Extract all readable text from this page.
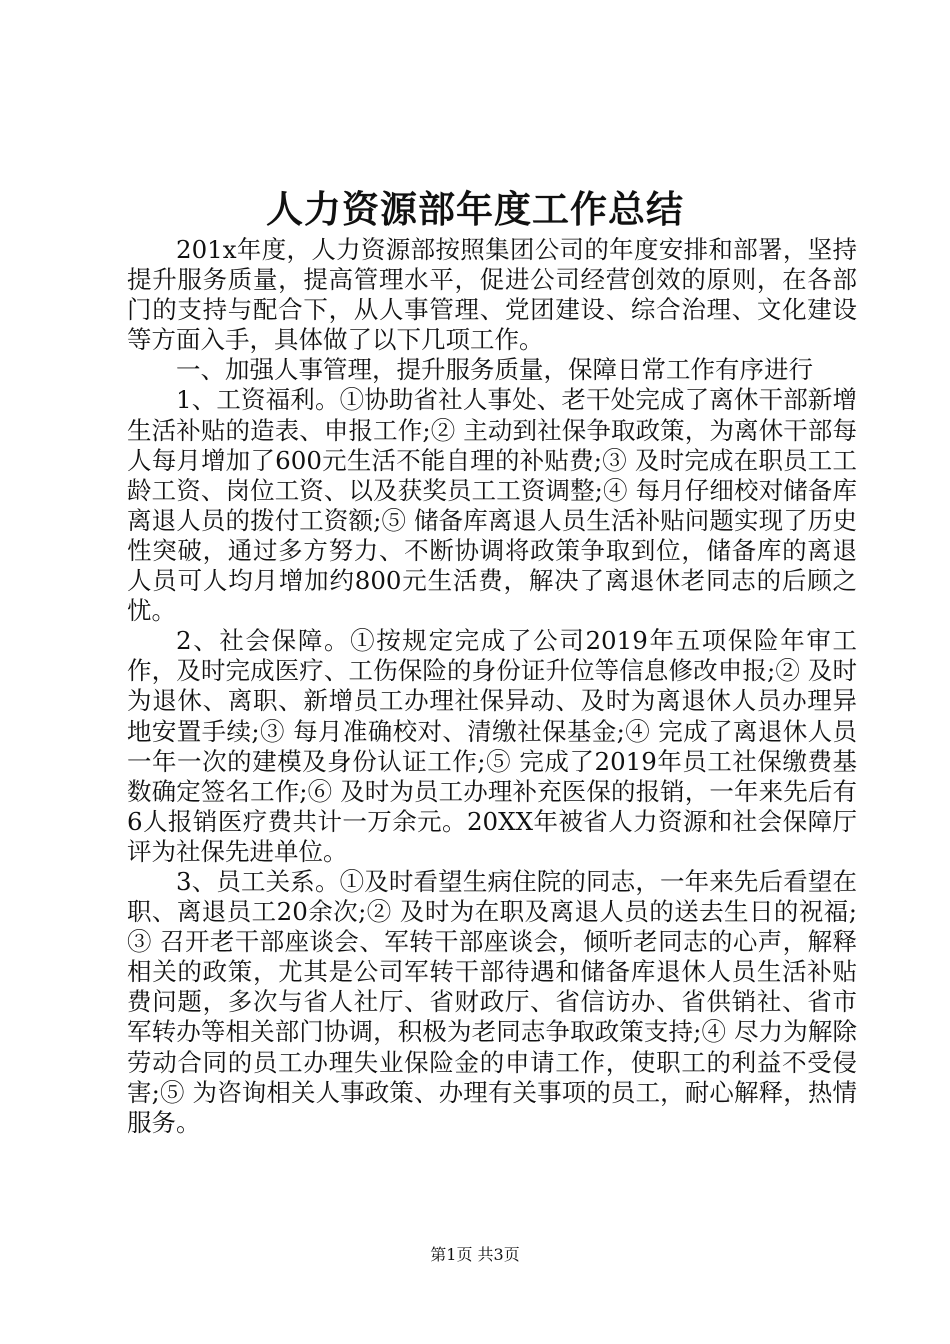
人力资源部年度工作总结

201x年度，人力资源部按照集团公司的年度安排和部署，坚持提升服务质量，提高管理水平，促进公司经营创效的原则，在各部门的支持与配合下，从人事管理、党团建设、综合治理、文化建设等方面入手，具体做了以下几项工作。

一、加强人事管理，提升服务质量，保障日常工作有序进行

1、工资福利。①协助省社人事处、老干处完成了离休干部新增生活补贴的造表、申报工作;② 主动到社保争取政策，为离休干部每人每月增加了600元生活不能自理的补贴费;③ 及时完成在职员工工龄工资、岗位工资、以及获奖员工工资调整;④ 每月仔细校对储备库离退人员的拨付工资额;⑤ 储备库离退人员生活补贴问题实现了历史性突破，通过多方努力、不断协调将政策争取到位，储备库的离退人员可人均月增加约800元生活费，解决了离退休老同志的后顾之忧。

2、社会保障。①按规定完成了公司2019年五项保险年审工作，及时完成医疗、工伤保险的身份证升位等信息修改申报;② 及时为退休、离职、新增员工办理社保异动、及时为离退休人员办理异地安置手续;③ 每月准确校对、清缴社保基金;④ 完成了离退休人员一年一次的建模及身份认证工作;⑤ 完成了2019年员工社保缴费基数确定签名工作;⑥ 及时为员工办理补充医保的报销，一年来先后有6人报销医疗费共计一万余元。20XX年被省人力资源和社会保障厅评为社保先进单位。

3、员工关系。①及时看望生病住院的同志，一年来先后看望在职、离退员工20余次;② 及时为在职及离退人员的送去生日的祝福;③ 召开老干部座谈会、军转干部座谈会，倾听老同志的心声，解释相关的政策，尤其是公司军转干部待遇和储备库退休人员生活补贴费问题，多次与省人社厅、省财政厅、省信访办、省供销社、省市军转办等相关部门协调，积极为老同志争取政策支持;④ 尽力为解除劳动合同的员工办理失业保险金的申请工作，使职工的利益不受侵害;⑤ 为咨询相关人事政策、办理有关事项的员工，耐心解释，热情服务。

第1页 共3页
